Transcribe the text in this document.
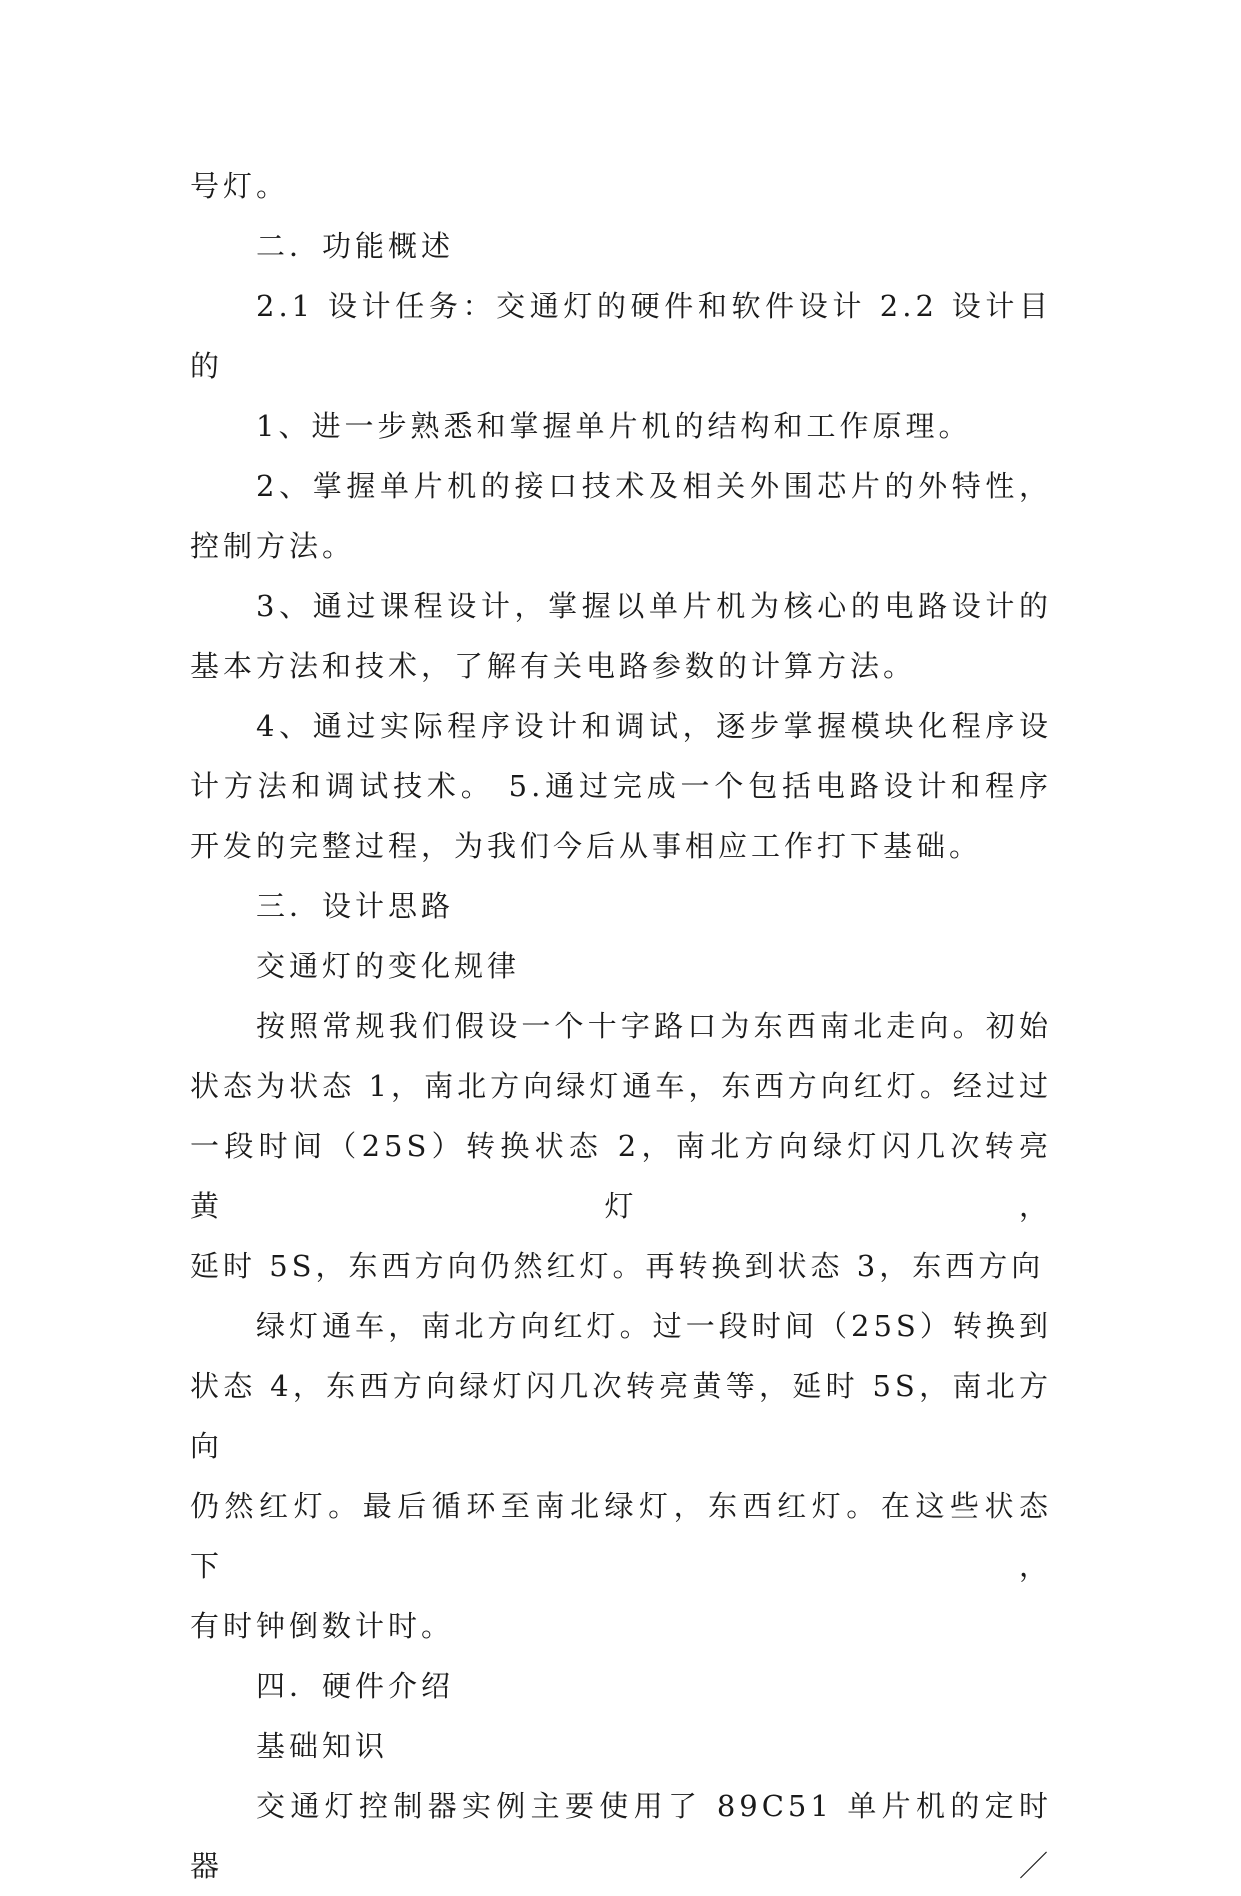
号灯。

二．功能概述

2.1 设计任务：交通灯的硬件和软件设计 2.2 设计目的

1、进一步熟悉和掌握单片机的结构和工作原理。

2、掌握单片机的接口技术及相关外围芯片的外特性，

控制方法。

3、通过课程设计，掌握以单片机为核心的电路设计的

基本方法和技术，了解有关电路参数的计算方法。

4、通过实际程序设计和调试，逐步掌握模块化程序设

计方法和调试技术。 5.通过完成一个包括电路设计和程序

开发的完整过程，为我们今后从事相应工作打下基础。

三．设计思路

交通灯的变化规律

按照常规我们假设一个十字路口为东西南北走向。初始

状态为状态 1，南北方向绿灯通车，东西方向红灯。经过过

一段时间（25S）转换状态 2，南北方向绿灯闪几次转亮黄灯，

延时 5S，东西方向仍然红灯。再转换到状态 3，东西方向

绿灯通车，南北方向红灯。过一段时间（25S）转换到

状态 4，东西方向绿灯闪几次转亮黄等，延时 5S，南北方向

仍然红灯。最后循环至南北绿灯，东西红灯。在这些状态下，

有时钟倒数计时。

四．硬件介绍

基础知识

交通灯控制器实例主要使用了 89C51 单片机的定时器／
